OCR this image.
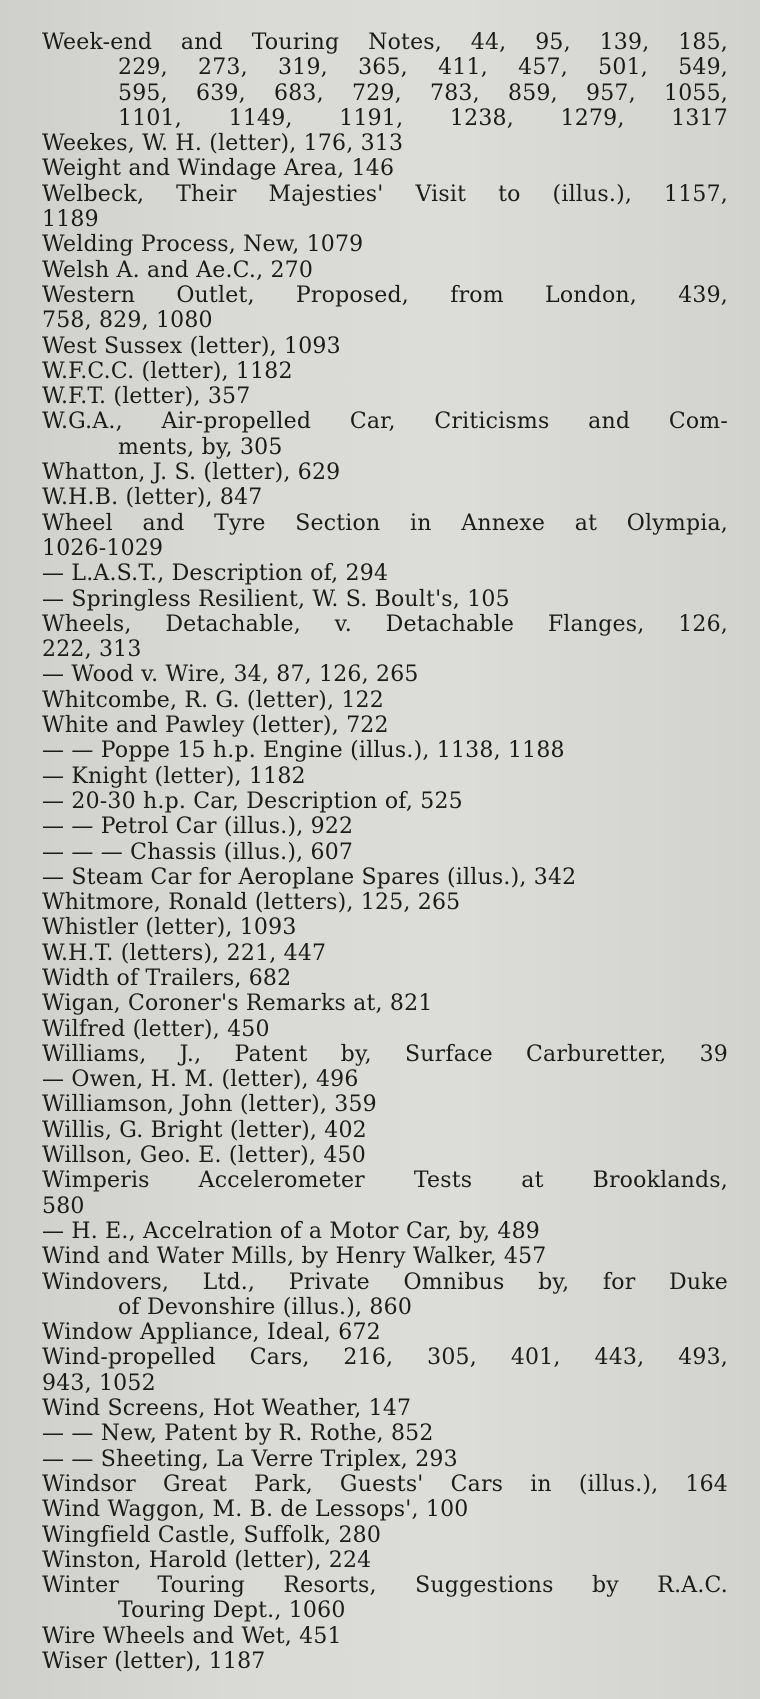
Week-end and Touring Notes, 44, 95, 139, 185,
229, 273, 319, 365, 411, 457, 501, 549,
595, 639, 683, 729, 783, 859, 957, 1055,
1101, 1149, 1191, 1238, 1279, 1317
Weekes, W. H. (letter), 176, 313
Weight and Windage Area, 146
Welbeck, Their Majesties' Visit to (illus.), 1157,
1189
Welding Process, New, 1079
Welsh A. and Ae.C., 270
Western Outlet, Proposed, from London, 439,
758, 829, 1080
West Sussex (letter), 1093
W.F.C.C. (letter), 1182
W.F.T. (letter), 357
W.G.A., Air-propelled Car, Criticisms and Com-
ments, by, 305
Whatton, J. S. (letter), 629
W.H.B. (letter), 847
Wheel and Tyre Section in Annexe at Olympia,
1026-1029
— L.A.S.T., Description of, 294
— Springless Resilient, W. S. Boult's, 105
Wheels, Detachable, v. Detachable Flanges, 126,
222, 313
— Wood v. Wire, 34, 87, 126, 265
Whitcombe, R. G. (letter), 122
White and Pawley (letter), 722
— — Poppe 15 h.p. Engine (illus.), 1138, 1188
— Knight (letter), 1182
— 20-30 h.p. Car, Description of, 525
— — Petrol Car (illus.), 922
— — — Chassis (illus.), 607
— Steam Car for Aeroplane Spares (illus.), 342
Whitmore, Ronald (letters), 125, 265
Whistler (letter), 1093
W.H.T. (letters), 221, 447
Width of Trailers, 682
Wigan, Coroner's Remarks at, 821
Wilfred (letter), 450
Williams, J., Patent by, Surface Carburetter, 39
— Owen, H. M. (letter), 496
Williamson, John (letter), 359
Willis, G. Bright (letter), 402
Willson, Geo. E. (letter), 450
Wimperis Accelerometer Tests at Brooklands,
580
— H. E., Accelration of a Motor Car, by, 489
Wind and Water Mills, by Henry Walker, 457
Windovers, Ltd., Private Omnibus by, for Duke
of Devonshire (illus.), 860
Window Appliance, Ideal, 672
Wind-propelled Cars, 216, 305, 401, 443, 493,
943, 1052
Wind Screens, Hot Weather, 147
— — New, Patent by R. Rothe, 852
— — Sheeting, La Verre Triplex, 293
Windsor Great Park, Guests' Cars in (illus.), 164
Wind Waggon, M. B. de Lessops', 100
Wingfield Castle, Suffolk, 280
Winston, Harold (letter), 224
Winter Touring Resorts, Suggestions by R.A.C.
Touring Dept., 1060
Wire Wheels and Wet, 451
Wiser (letter), 1187
